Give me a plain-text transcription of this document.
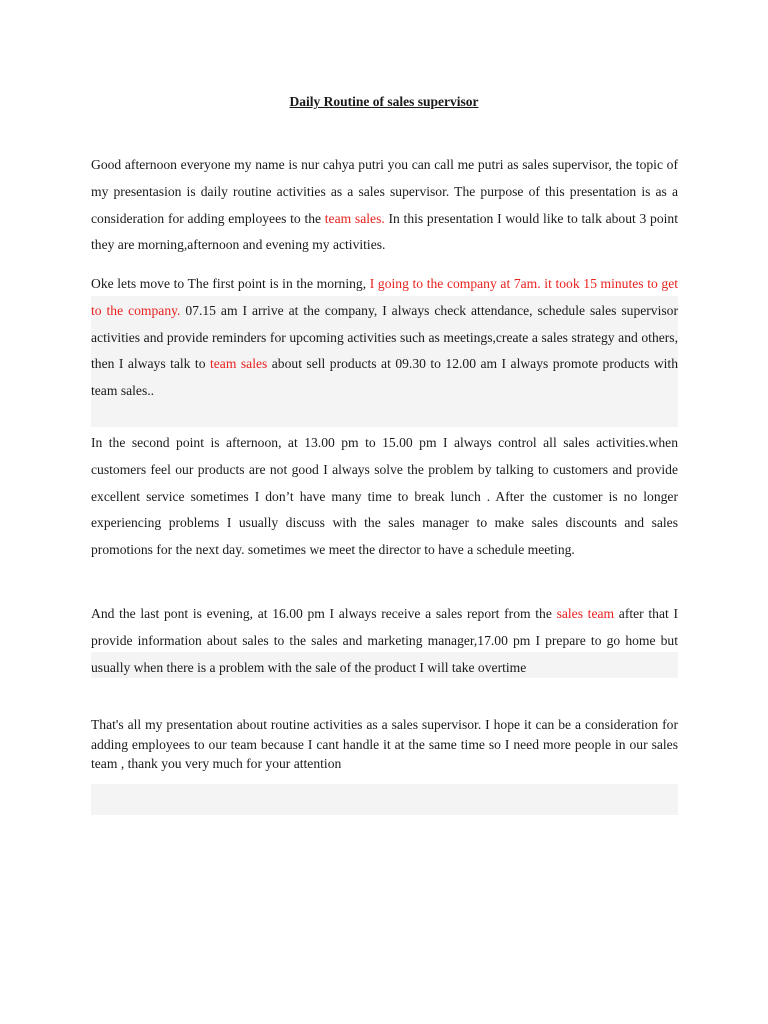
Daily Routine of sales supervisor
Good afternoon everyone my name is nur cahya putri you can call me putri as sales supervisor, the topic of my presentasion is daily routine activities as a sales supervisor. The purpose of this presentation is as a consideration for adding employees to the team sales. In this presentation I would like to talk about 3 point they are morning,afternoon and evening my activities.
Oke lets move to The first point is in the morning, I going to the company at 7am. it took 15 minutes to get to the company. 07.15 am I arrive at the company, I always check attendance, schedule sales supervisor activities and provide reminders for upcoming activities such as meetings,create a sales strategy and others, then I always talk to team sales about sell products at 09.30 to 12.00 am I always promote products with team sales..
In the second point is afternoon, at 13.00 pm to 15.00 pm I always control all sales activities.when customers feel our products are not good I always solve the problem by talking to customers and provide excellent service sometimes I don’t have many time to break lunch . After the customer is no longer experiencing problems I usually discuss with the sales manager to make sales discounts and sales promotions for the next day. sometimes we meet the director to have a schedule meeting.
And the last pont is evening, at 16.00 pm I always receive a sales report from the sales team after that I provide information about sales to the sales and marketing manager,17.00 pm I prepare to go home but usually when there is a problem with the sale of the product I will take overtime
That's all my presentation about routine activities as a sales supervisor. I hope it can be a consideration for adding employees to our team because I cant handle it at the same time so I need more people in our sales team , thank you very much for your attention
